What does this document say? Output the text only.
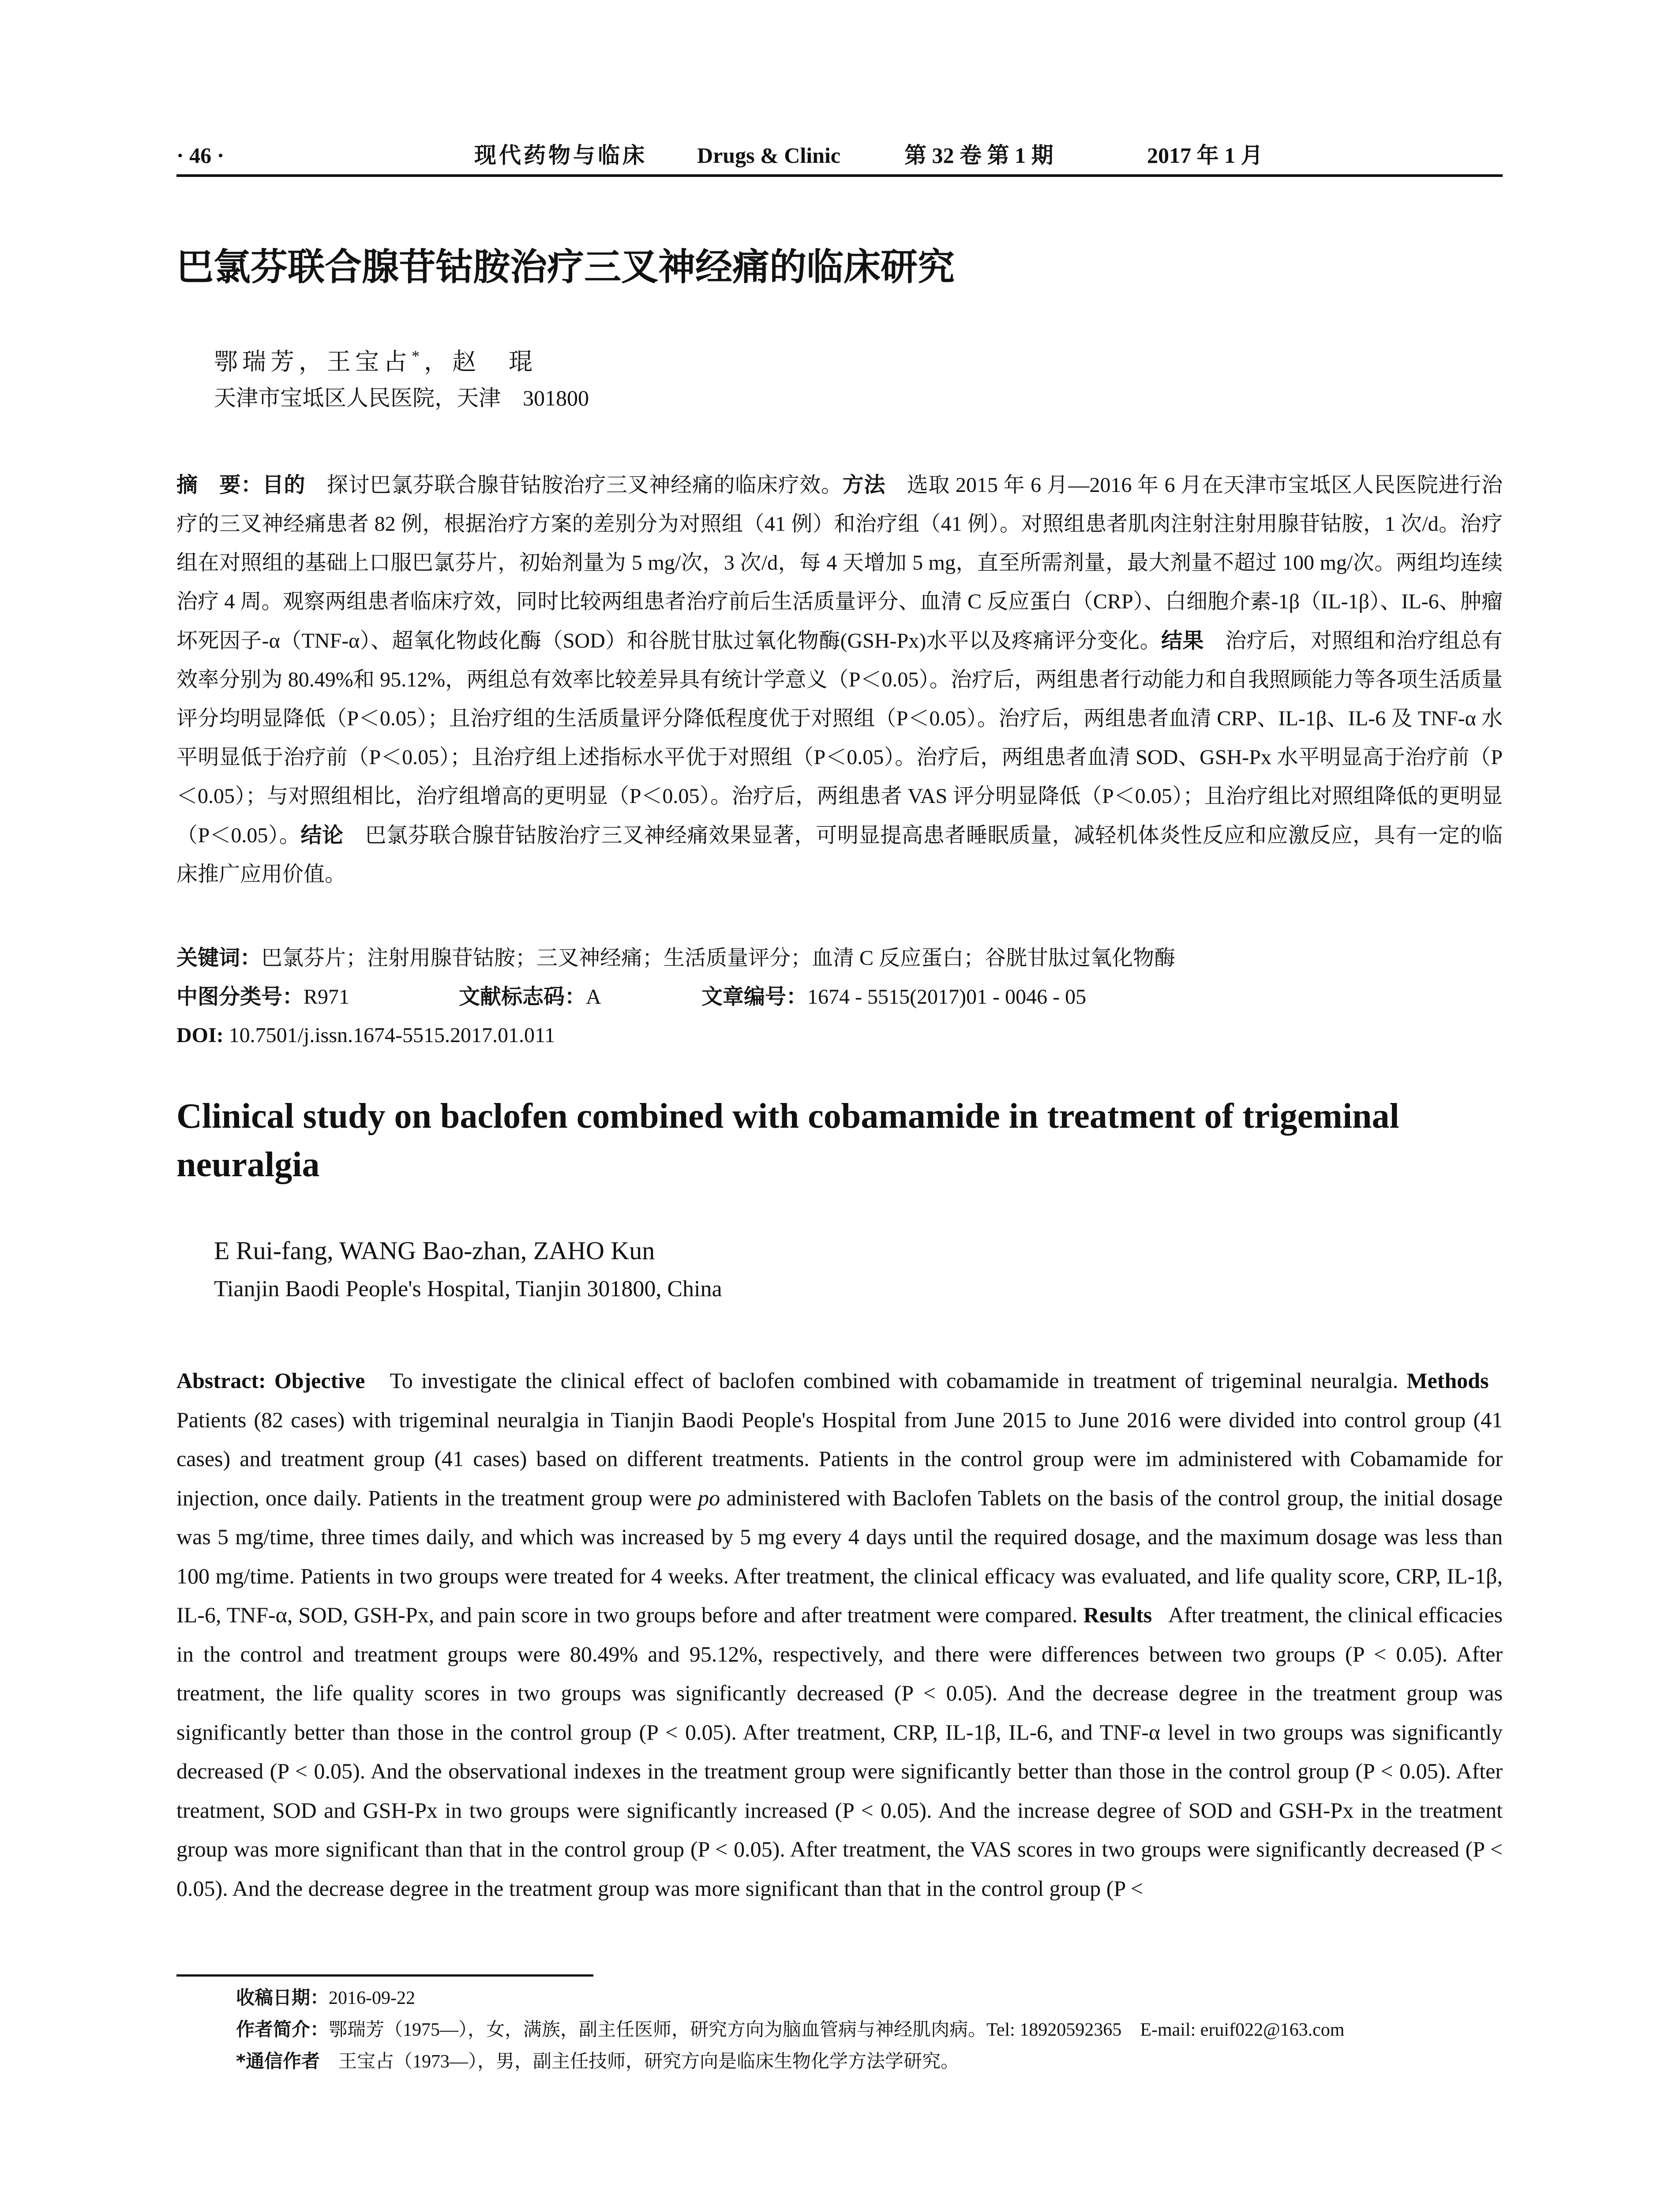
· 46 ·	现代药物与临床 Drugs & Clinic	第 32 卷 第 1 期	2017 年 1 月
巴氯芬联合腺苷钴胺治疗三叉神经痛的临床研究
鄂瑞芳，王宝占*，赵　琨
天津市宝坻区人民医院，天津　301800
摘　要：目的　 探讨巴氯芬联合腺苷钴胺治疗三叉神经痛的临床疗效。方法　 选取 2015 年 6 月—2016 年 6 月在天津市宝坻区人民医院进行治疗的三叉神经痛患者 82 例，根据治疗方案的差别分为对照组（41 例）和治疗组（41 例）。对照组患者肌肉注射注射用腺苷钴胺，1 次/d。治疗组在对照组的基础上口服巴氯芬片，初始剂量为 5 mg/次，3 次/d，每 4 天增加 5 mg，直至所需剂量，最大剂量不超过 100 mg/次。两组均连续治疗 4 周。观察两组患者临床疗效，同时比较两组患者治疗前后生活质量评分、血清 C 反应蛋白（CRP）、白细胞介素-1β（IL-1β）、IL-6、肿瘤坏死因子-α（TNF-α）、超氧化物歧化酶（SOD）和谷胱甘肽过氧化物酶(GSH-Px)水平以及疼痛评分变化。结果　 治疗后，对照组和治疗组总有效率分别为 80.49%和 95.12%，两组总有效率比较差异具有统计学意义（P＜0.05）。治疗后，两组患者行动能力和自我照顾能力等各项生活质量评分均明显降低（P＜0.05）；且治疗组的生活质量评分降低程度优于对照组（P＜0.05）。治疗后，两组患者血清 CRP、IL-1β、IL-6 及 TNF-α 水平明显低于治疗前（P＜0.05）；且治疗组上述指标水平优于对照组（P＜0.05）。治疗后，两组患者血清 SOD、GSH-Px 水平明显高于治疗前（P＜0.05）；与对照组相比，治疗组增高的更明显（P＜0.05）。治疗后，两组患者 VAS 评分明显降低（P＜0.05）；且治疗组比对照组降低的更明显（P＜0.05）。结论　 巴氯芬联合腺苷钴胺治疗三叉神经痛效果显著，可明显提高患者睡眠质量，减轻机体炎性反应和应激反应，具有一定的临床推广应用价值。
关键词：巴氯芬片；注射用腺苷钴胺；三叉神经痛；生活质量评分；血清 C 反应蛋白；谷胱甘肽过氧化物酶
中图分类号：R971	文献标志码：A	文章编号：1674 - 5515(2017)01 - 0046 - 05
DOI: 10.7501/j.issn.1674-5515.2017.01.011
Clinical study on baclofen combined with cobamamide in treatment of trigeminal neuralgia
E Rui-fang, WANG Bao-zhan, ZAHO Kun
Tianjin Baodi People's Hospital, Tianjin 301800, China
Abstract: Objective To investigate the clinical effect of baclofen combined with cobamamide in treatment of trigeminal neuralgia. Methods   Patients (82 cases) with trigeminal neuralgia in Tianjin Baodi People's Hospital from June 2015 to June 2016 were divided into control group (41 cases) and treatment group (41 cases) based on different treatments. Patients in the control group were im administered with Cobamamide for injection, once daily. Patients in the treatment group were po administered with Baclofen Tablets on the basis of the control group, the initial dosage was 5 mg/time, three times daily, and which was increased by 5 mg every 4 days until the required dosage, and the maximum dosage was less than 100 mg/time. Patients in two groups were treated for 4 weeks. After treatment, the clinical efficacy was evaluated, and life quality score, CRP, IL-1β, IL-6, TNF-α, SOD, GSH-Px, and pain score in two groups before and after treatment were compared. Results After treatment, the clinical efficacies in the control and treatment groups were 80.49% and 95.12%, respectively, and there were differences between two groups (P < 0.05). After treatment, the life quality scores in two groups was significantly decreased (P < 0.05). And the decrease degree in the treatment group was significantly better than those in the control group (P < 0.05). After treatment, CRP, IL-1β, IL-6, and TNF-α level in two groups was significantly decreased (P < 0.05). And the observational indexes in the treatment group were significantly better than those in the control group (P < 0.05). After treatment, SOD and GSH-Px in two groups were significantly increased (P < 0.05). And the increase degree of SOD and GSH-Px in the treatment group was more significant than that in the control group (P < 0.05). After treatment, the VAS scores in two groups were significantly decreased (P < 0.05). And the decrease degree in the treatment group was more significant than that in the control group (P <
收稿日期：2016-09-22
作者简介：鄂瑞芳（1975—），女，满族，副主任医师，研究方向为脑血管病与神经肌肉病。Tel: 18920592365　E-mail: eruif022@163.com
*通信作者　 王宝占（1973—），男，副主任技师，研究方向是临床生物化学方法学研究。
